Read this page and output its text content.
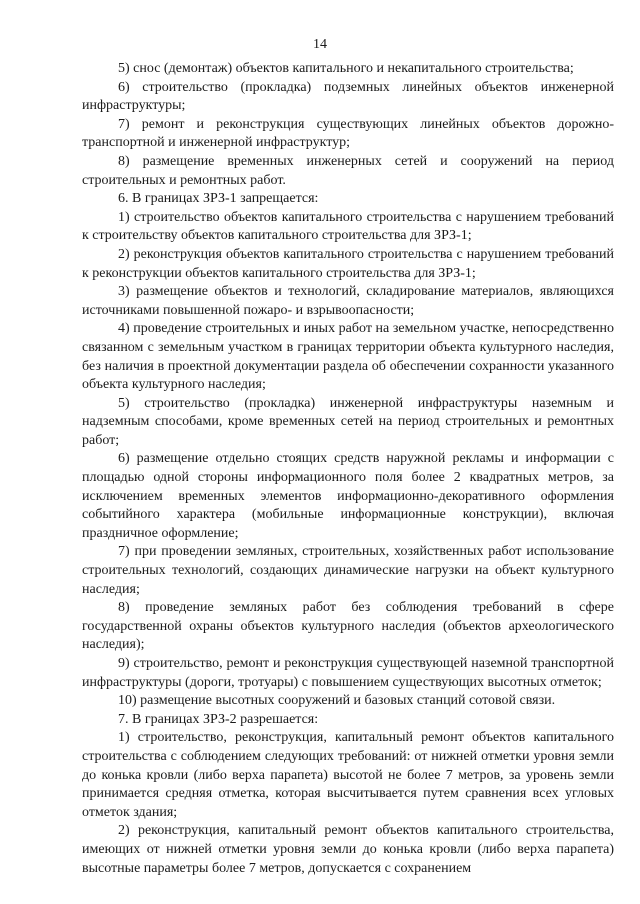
14

5) снос (демонтаж) объектов капитального и некапитального строительства;

6) строительство (прокладка) подземных линейных объектов инженерной инфраструктуры;

7) ремонт и реконструкция существующих линейных объектов дорожно-транспортной и инженерной инфраструктур;

8) размещение временных инженерных сетей и сооружений на период строительных и ремонтных работ.

6. В границах ЗРЗ-1 запрещается:

1) строительство объектов капитального строительства с нарушением требований к строительству объектов капитального строительства для ЗРЗ-1;

2) реконструкция объектов капитального строительства с нарушением требований к реконструкции объектов капитального строительства для ЗРЗ-1;

3) размещение объектов и технологий, складирование материалов, являющихся источниками повышенной пожаро- и взрывоопасности;

4) проведение строительных и иных работ на земельном участке, непосредственно связанном с земельным участком в границах территории объекта культурного наследия, без наличия в проектной документации раздела об обеспечении сохранности указанного объекта культурного наследия;

5) строительство (прокладка) инженерной инфраструктуры наземным и надземным способами, кроме временных сетей на период строительных и ремонтных работ;

6) размещение отдельно стоящих средств наружной рекламы и информации с площадью одной стороны информационного поля более 2 квадратных метров, за исключением временных элементов информационно-декоративного оформления событийного характера (мобильные информационные конструкции), включая праздничное оформление;

7) при проведении земляных, строительных, хозяйственных работ использование строительных технологий, создающих динамические нагрузки на объект культурного наследия;

8) проведение земляных работ без соблюдения требований в сфере государственной охраны объектов культурного наследия (объектов археологического наследия);

9) строительство, ремонт и реконструкция существующей наземной транспортной инфраструктуры (дороги, тротуары) с повышением существующих высотных отметок;

10) размещение высотных сооружений и базовых станций сотовой связи.

7. В границах ЗРЗ-2 разрешается:

1) строительство, реконструкция, капитальный ремонт объектов капитального строительства с соблюдением следующих требований: от нижней отметки уровня земли до конька кровли (либо верха парапета) высотой не более 7 метров, за уровень земли принимается средняя отметка, которая высчитывается путем сравнения всех угловых отметок здания;

2) реконструкция, капитальный ремонт объектов капитального строительства, имеющих от нижней отметки уровня земли до конька кровли (либо верха парапета) высотные параметры более 7 метров, допускается с сохранением
